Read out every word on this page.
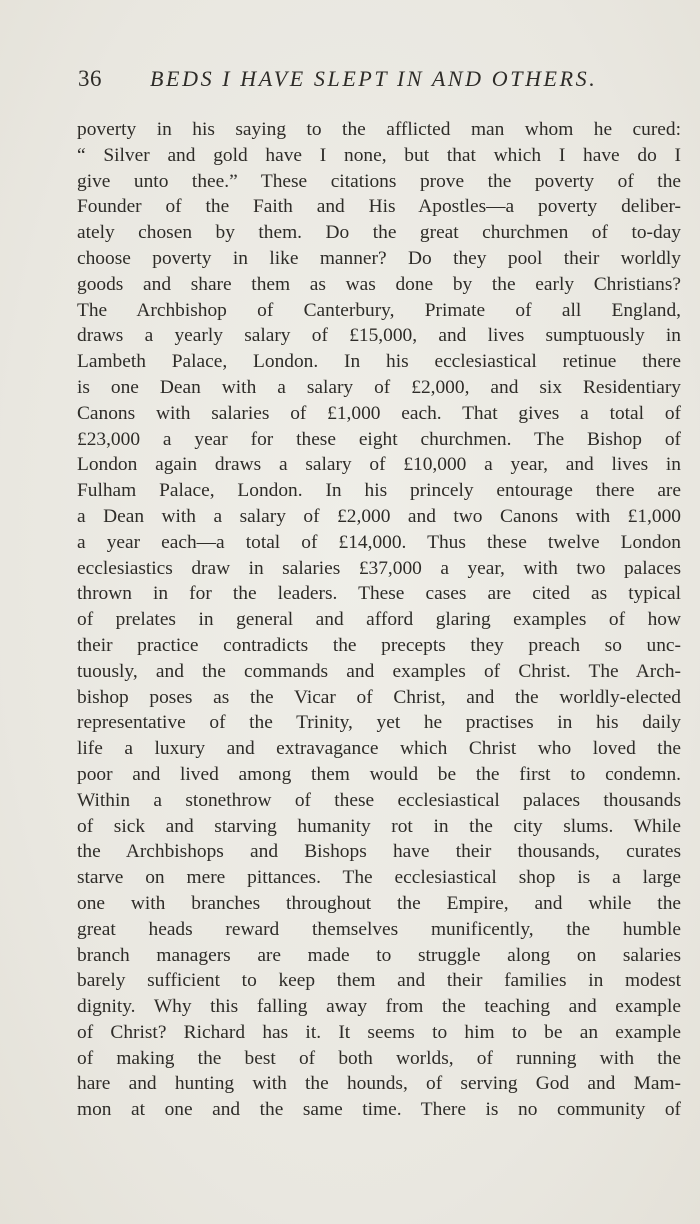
36 BEDS I HAVE SLEPT IN AND OTHERS.
poverty in his saying to the afflicted man whom he cured:
“ Silver and gold have I none, but that which I have do I
give unto thee.” These citations prove the poverty of the
Founder of the Faith and His Apostles—a poverty deliber-
ately chosen by them. Do the great churchmen of to-day
choose poverty in like manner? Do they pool their worldly
goods and share them as was done by the early Christians?
The Archbishop of Canterbury, Primate of all England,
draws a yearly salary of £15,000, and lives sumptuously in
Lambeth Palace, London. In his ecclesiastical retinue there
is one Dean with a salary of £2,000, and six Residentiary
Canons with salaries of £1,000 each. That gives a total of
£23,000 a year for these eight churchmen. The Bishop of
London again draws a salary of £10,000 a year, and lives in
Fulham Palace, London. In his princely entourage there are
a Dean with a salary of £2,000 and two Canons with £1,000
a year each—a total of £14,000. Thus these twelve London
ecclesiastics draw in salaries £37,000 a year, with two palaces
thrown in for the leaders. These cases are cited as typical
of prelates in general and afford glaring examples of how
their practice contradicts the precepts they preach so unc-
tuously, and the commands and examples of Christ. The Arch-
bishop poses as the Vicar of Christ, and the worldly-elected
representative of the Trinity, yet he practises in his daily
life a luxury and extravagance which Christ who loved the
poor and lived among them would be the first to condemn.
Within a stonethrow of these ecclesiastical palaces thousands
of sick and starving humanity rot in the city slums. While
the Archbishops and Bishops have their thousands, curates
starve on mere pittances. The ecclesiastical shop is a large
one with branches throughout the Empire, and while the
great heads reward themselves munificently, the humble
branch managers are made to struggle along on salaries
barely sufficient to keep them and their families in modest
dignity. Why this falling away from the teaching and example
of Christ? Richard has it. It seems to him to be an example
of making the best of both worlds, of running with the
hare and hunting with the hounds, of serving God and Mam-
mon at one and the same time. There is no community of
